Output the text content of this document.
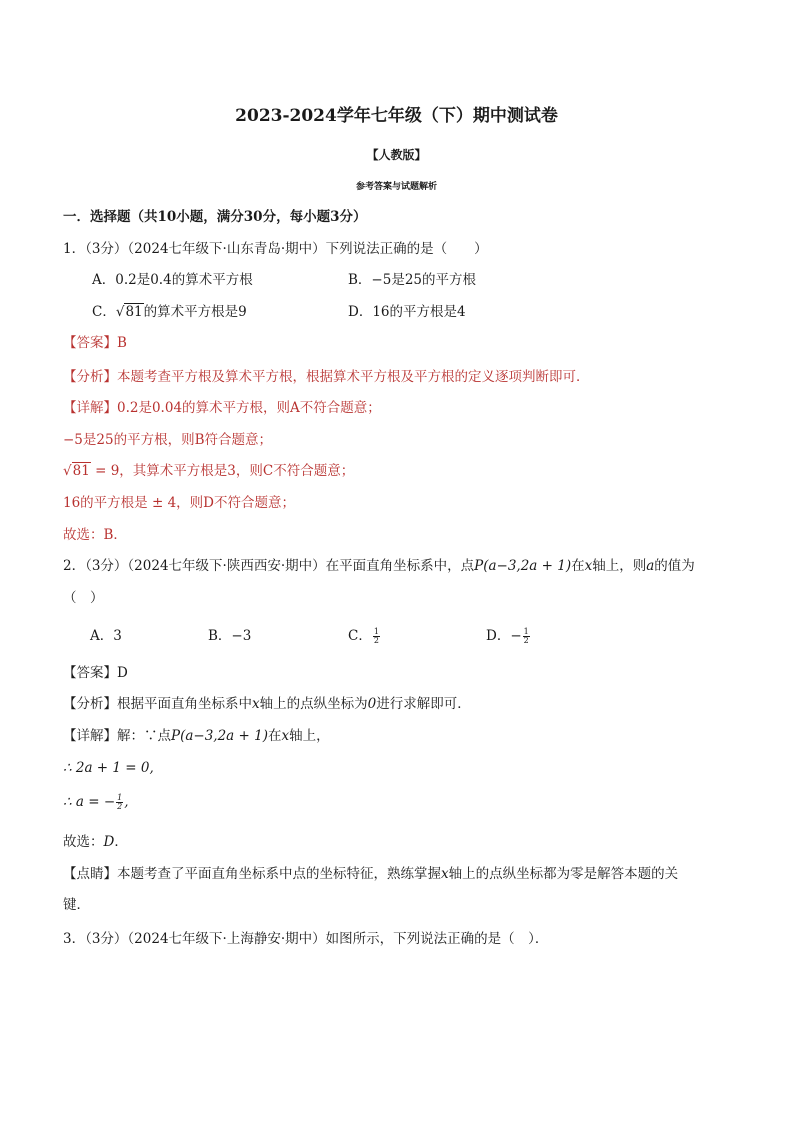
2023-2024学年七年级（下）期中测试卷
【人教版】
参考答案与试题解析
一．选择题（共10小题，满分30分，每小题3分）
1．（3分）（2024七年级下·山东青岛·期中）下列说法正确的是（　　）
A．0.2是0.4的算术平方根	B．−5是25的平方根
C．√81的算术平方根是9	D．16的平方根是4
【答案】B
【分析】本题考查平方根及算术平方根，根据算术平方根及平方根的定义逐项判断即可．
【详解】0.2是0.04的算术平方根，则A不符合题意；
−5是25的平方根，则B符合题意；
√81 = 9，其算术平方根是3，则C不符合题意；
16的平方根是 ± 4，则D不符合题意；
故选：B．
2．（3分）（2024七年级下·陕西西安·期中）在平面直角坐标系中，点P(a−3,2a + 1)在x轴上，则a的值为
（　）
A．3	B．−3	C． $\frac{1}{2}$	D．− $\frac{1}{2}$
【答案】D
【分析】根据平面直角坐标系中x轴上的点纵坐标为0进行求解即可．
【详解】解：∵点P(a−3,2a + 1)在x轴上，
∴ 2a + 1 = 0,
∴ a = − $\frac{1}{2}$ ,
故选：D．
【点睛】本题考查了平面直角坐标系中点的坐标特征，熟练掌握x轴上的点纵坐标都为零是解答本题的关
键．
3．（3分）（2024七年级下·上海静安·期中）如图所示，下列说法正确的是（　）．
